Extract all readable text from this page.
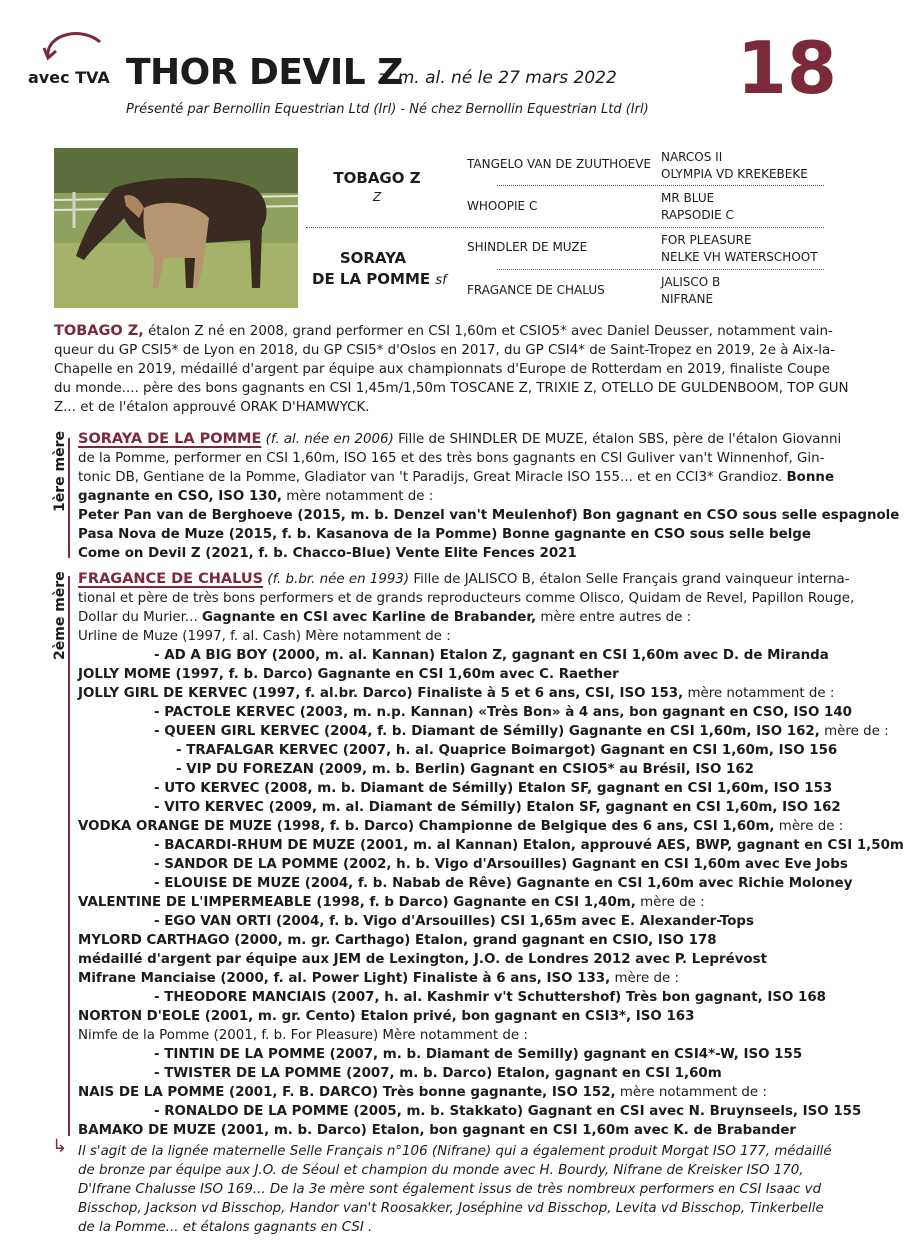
avec TVA THOR DEVIL Z
z. m. al. né le 27 mars 2022 18
Présenté par Bernollin Equestrian Ltd (Irl) - Né chez Bernollin Equestrian Ltd (Irl)
TOBAGO Z
Z
SORAYA
DE LA POMME sf
TANGELO VAN DE ZUUTHOEVE
WHOOPIE C
SHINDLER DE MUZE
FRAGANCE DE CHALUS
NARCOS II
OLYMPIA VD KREKEBEKE
MR BLUE
RAPSODIE C
FOR PLEASURE
NELKE VH WATERSCHOOT
JALISCO B
NIFRANE
TOBAGO Z, étalon Z né en 2008, grand performer en CSI 1,60m et CSIO5* avec Daniel Deusser, notamment vain-
queur du GP CSI5* de Lyon en 2018, du GP CSI5* d'Oslos en 2017, du GP CSI4* de Saint-Tropez en 2019, 2e à Aix-la-
Chapelle en 2019, médaillé d'argent par équipe aux championnats d'Europe de Rotterdam en 2019, finaliste Coupe
du monde.... père des bons gagnants en CSI 1,45m/1,50m TOSCANE Z, TRIXIE Z, OTELLO DE GULDENBOOM, TOP GUN
Z... et de l'étalon approuvé ORAK D'HAMWYCK.
1ère mère SORAYA DE LA POMME (f. al. née en 2006) Fille de SHINDLER DE MUZE, étalon SBS, père de l'étalon Giovanni
de la Pomme, performer en CSI 1,60m, ISO 165 et des très bons gagnants en CSI Guliver van't Winnenhof, Gin-
tonic DB, Gentiane de la Pomme, Gladiator van 't Paradijs, Great Miracle ISO 155... et en CCI3* Grandioz. Bonne
gagnante en CSO, ISO 130, mère notamment de :
Peter Pan van de Berghoeve (2015, m. b. Denzel van't Meulenhof) Bon gagnant en CSO sous selle espagnole
Pasa Nova de Muze (2015, f. b. Kasanova de la Pomme) Bonne gagnante en CSO sous selle belge
Come on Devil Z (2021, f. b. Chacco-Blue) Vente Elite Fences 2021
2ème mère FRAGANCE DE CHALUS (f. b.br. née en 1993) Fille de JALISCO B, étalon Selle Français grand vainqueur interna-
tional et père de très bons performers et de grands reproducteurs comme Olisco, Quidam de Revel, Papillon Rouge,
Dollar du Murier... Gagnante en CSI avec Karline de Brabander, mère entre autres de :
Urline de Muze (1997, f. al. Cash) Mère notamment de :
- AD A BIG BOY (2000, m. al. Kannan) Etalon Z, gagnant en CSI 1,60m avec D. de Miranda
JOLLY MOME (1997, f. b. Darco) Gagnante en CSI 1,60m avec C. Raether
JOLLY GIRL DE KERVEC (1997, f. al.br. Darco) Finaliste à 5 et 6 ans, CSI, ISO 153, mère notamment de :
- PACTOLE KERVEC (2003, m. n.p. Kannan) «Très Bon» à 4 ans, bon gagnant en CSO, ISO 140
- QUEEN GIRL KERVEC (2004, f. b. Diamant de Sémilly) Gagnante en CSI 1,60m, ISO 162, mère de :
- TRAFALGAR KERVEC (2007, h. al. Quaprice Boimargot) Gagnant en CSI 1,60m, ISO 156
- VIP DU FOREZAN (2009, m. b. Berlin) Gagnant en CSIO5* au Brésil, ISO 162
- UTO KERVEC (2008, m. b. Diamant de Sémilly) Etalon SF, gagnant en CSI 1,60m, ISO 153
- VITO KERVEC (2009, m. al. Diamant de Sémilly) Etalon SF, gagnant en CSI 1,60m, ISO 162
VODKA ORANGE DE MUZE (1998, f. b. Darco) Championne de Belgique des 6 ans, CSI 1,60m, mère de :
- BACARDI-RHUM DE MUZE (2001, m. al Kannan) Etalon, approuvé AES, BWP, gagnant en CSI 1,50m
- SANDOR DE LA POMME (2002, h. b. Vigo d'Arsouilles) Gagnant en CSI 1,60m avec Eve Jobs
- ELOUISE DE MUZE (2004, f. b. Nabab de Rêve) Gagnante en CSI 1,60m avec Richie Moloney
VALENTINE DE L'IMPERMEABLE (1998, f. b Darco) Gagnante en CSI 1,40m, mère de :
- EGO VAN ORTI (2004, f. b. Vigo d'Arsouilles) CSI 1,65m avec E. Alexander-Tops
MYLORD CARTHAGO (2000, m. gr. Carthago) Etalon, grand gagnant en CSIO, ISO 178
médaillé d'argent par équipe aux JEM de Lexington, J.O. de Londres 2012 avec P. Leprévost
Mifrane Manciaise (2000, f. al. Power Light) Finaliste à 6 ans, ISO 133, mère de :
- THEODORE MANCIAIS (2007, h. al. Kashmir v't Schuttershof) Très bon gagnant, ISO 168
NORTON D'EOLE (2001, m. gr. Cento) Etalon privé, bon gagnant en CSI3*, ISO 163
Nimfe de la Pomme (2001, f. b. For Pleasure) Mère notamment de :
- TINTIN DE LA POMME (2007, m. b. Diamant de Semilly) gagnant en CSI4*-W, ISO 155
- TWISTER DE LA POMME (2007, m. b. Darco) Etalon, gagnant en CSI 1,60m
NAIS DE LA POMME (2001, F. B. DARCO) Très bonne gagnante, ISO 152, mère notamment de :
- RONALDO DE LA POMME (2005, m. b. Stakkato) Gagnant en CSI avec N. Bruynseels, ISO 155
BAMAKO DE MUZE (2001, m. b. Darco) Etalon, bon gagnant en CSI 1,60m avec K. de Brabander
↳ Il s'agit de la lignée maternelle Selle Français n°106 (Nifrane) qui a également produit Morgat ISO 177, médaillé
de bronze par équipe aux J.O. de Séoul et champion du monde avec H. Bourdy, Nifrane de Kreisker ISO 170,
D'Ifrane Chalusse ISO 169... De la 3e mère sont également issus de très nombreux performers en CSI Isaac vd
Bisschop, Jackson vd Bisschop, Handor van't Roosakker, Joséphine vd Bisschop, Levita vd Bisschop, Tinkerbelle
de la Pomme... et étalons gagnants en CSI .
